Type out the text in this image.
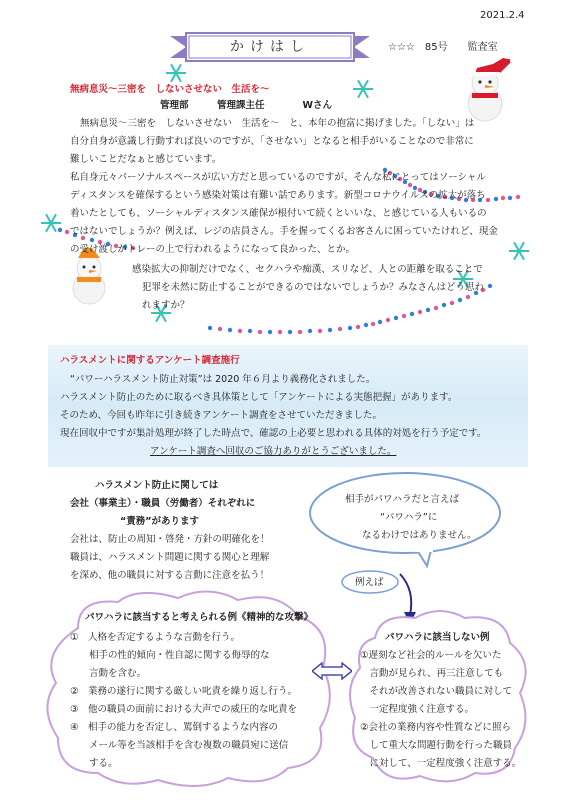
2021.2.4
かけはし	☆☆☆　85号　　監査室
無病息災〜三密を　しないさせない　生活を〜
管理部　　　管理課主任　　　　Wさん
無病息災〜三密を　しないさせない　生活を〜　と、本年の抱富に掲げました。「しない」は
自分自身が意識し行動すれば良いのですが、「させない」となると相手がいることなので非常に
難しいことだなぁと感じています。
私自身元々パーソナルスペースが広い方だと思っているのですが、そんな私にとってはソーシャル
ディスタンスを確保するという感染対策は有難い話であります。新型コロナウイルスの拡大が落ち
着いたとしても、ソーシャルディスタンス確保が根付いて続くといいな、と感じている人もいるの
ではないでしょうか？例えば、レジの店員さん。手を握ってくるお客さんに困っていたけれど、現金
の受け渡しがトレーの上で行われるようになって良かった、とか。
感染拡大の抑制だけでなく、セクハラや痴漢、スリなど、人との距離を取ることで
犯罪を未然に防止することができるのではないでしょうか？みなさんはどう思わ
れますか？
ハラスメントに関するアンケート調査施行
“パワーハラスメント防止対策”は 2020 年６月より義務化されました。
ハラスメント防止のために取るべき具体策として「アンケートによる実態把握」があります。
そのため、今回も昨年に引き続きアンケート調査をさせていただきました。
現在回収中ですが集計処理が終了した時点で、確認の上必要と思われる具体的対処を行う予定です。
アンケート調査へ回収のご協力ありがとうございました。
ハラスメント防止に関しては
会社（事業主）・職員（労働者）それぞれに
“責務”があります
会社は、防止の周知・啓発・方針の明確化を！
職員は、ハラスメント問題に関する関心と理解
を深め、他の職員に対する言動に注意を払う！
相手がパワハラだと言えば
“パワハラ”に
なるわけではありません。
例えば
パワハラに該当すると考えられる例《精神的な攻撃》
①　人格を否定するような言動を行う。
　　相手の性的傾向・性自認に関する侮辱的な
　　言動を含む。
②　業務の遂行に関する厳しい叱責を繰り返し行う。
③　他の職員の面前における大声での威圧的な叱責を
④　相手の能力を否定し、罵倒するような内容の
　　メール等を当該相手を含む複数の職員宛に送信
　　する。
パワハラに該当しない例
①遅刻など社会的ルールを欠いた
　言動が見られ、再三注意しても
　それが改善されない職員に対して
　一定程度強く注意する。
②会社の業務内容や性質などに照ら
　して重大な問題行動を行った職員
　に対して、一定程度強く注意する。
